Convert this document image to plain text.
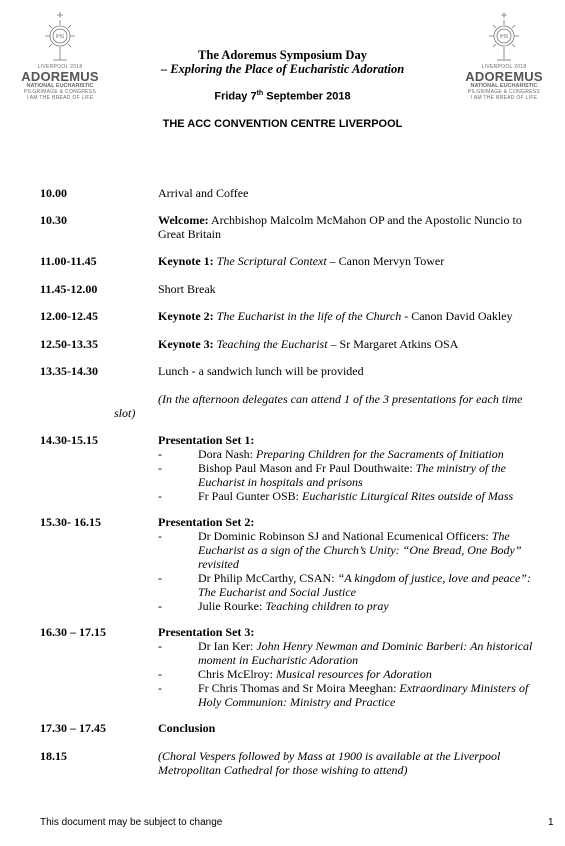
IHS
LIVERPOOL 2018
ADOREMUS
NATIONAL EUCHARISTIC
PILGRIMAGE & CONGRESS
I AM THE BREAD OF LIFE
IHS
LIVERPOOL 2018
ADOREMUS
NATIONAL EUCHARISTIC
PILGRIMAGE & CONGRESS
I AM THE BREAD OF LIFE
The Adoremus Symposium Day
– Exploring the Place of Eucharistic Adoration
Friday 7th September 2018
THE ACC CONVENTION CENTRE LIVERPOOL
10.00	Arrival and Coffee
10.30	Welcome: Archbishop Malcolm McMahon OP and the Apostolic Nuncio to Great Britain
11.00-11.45	Keynote 1: The Scriptural Context – Canon Mervyn Tower
11.45-12.00	Short Break
12.00-12.45	Keynote 2: The Eucharist in the life of the Church - Canon David Oakley
12.50-13.35	Keynote 3: Teaching the Eucharist – Sr Margaret Atkins OSA
13.35-14.30	Lunch - a sandwich lunch will be provided
(In the afternoon delegates can attend 1 of the 3 presentations for each time slot)
14.30-15.15	Presentation Set 1:
-	Dora Nash: Preparing Children for the Sacraments of Initiation
-	Bishop Paul Mason and Fr Paul Douthwaite: The ministry of the Eucharist in hospitals and prisons
-	Fr Paul Gunter OSB: Eucharistic Liturgical Rites outside of Mass
15.30- 16.15	Presentation Set 2:
-	Dr Dominic Robinson SJ and National Ecumenical Officers: The Eucharist as a sign of the Church’s Unity: “One Bread, One Body” revisited
-	Dr Philip McCarthy, CSAN: “A kingdom of justice, love and peace”: The Eucharist and Social Justice
-	Julie Rourke: Teaching children to pray
16.30 – 17.15	Presentation Set 3:
-	Dr Ian Ker: John Henry Newman and Dominic Barberi: An historical moment in Eucharistic Adoration
-	Chris McElroy: Musical resources for Adoration
-	Fr Chris Thomas and Sr Moira Meeghan: Extraordinary Ministers of Holy Communion: Ministry and Practice
17.30 – 17.45	Conclusion
18.15	(Choral Vespers followed by Mass at 1900 is available at the Liverpool Metropolitan Cathedral for those wishing to attend)
This document may be subject to change	1
